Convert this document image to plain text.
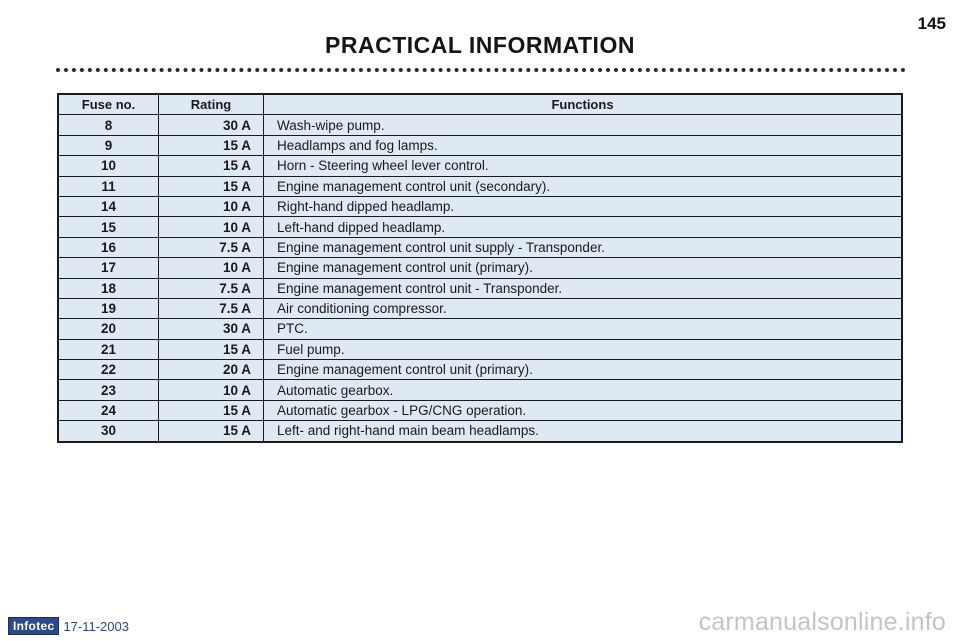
145
PRACTICAL INFORMATION
Fuse no.	Rating	Functions
8	30 A	Wash-wipe pump.
9	15 A	Headlamps and fog lamps.
10	15 A	Horn - Steering wheel lever control.
11	15 A	Engine management control unit (secondary).
14	10 A	Right-hand dipped headlamp.
15	10 A	Left-hand dipped headlamp.
16	7.5 A	Engine management control unit supply - Transponder.
17	10 A	Engine management control unit (primary).
18	7.5 A	Engine management control unit - Transponder.
19	7.5 A	Air conditioning compressor.
20	30 A	PTC.
21	15 A	Fuel pump.
22	20 A	Engine management control unit (primary).
23	10 A	Automatic gearbox.
24	15 A	Automatic gearbox - LPG/CNG operation.
30	15 A	Left- and right-hand main beam headlamps.
Infotec 17-11-2003	carmanualsonline.info
